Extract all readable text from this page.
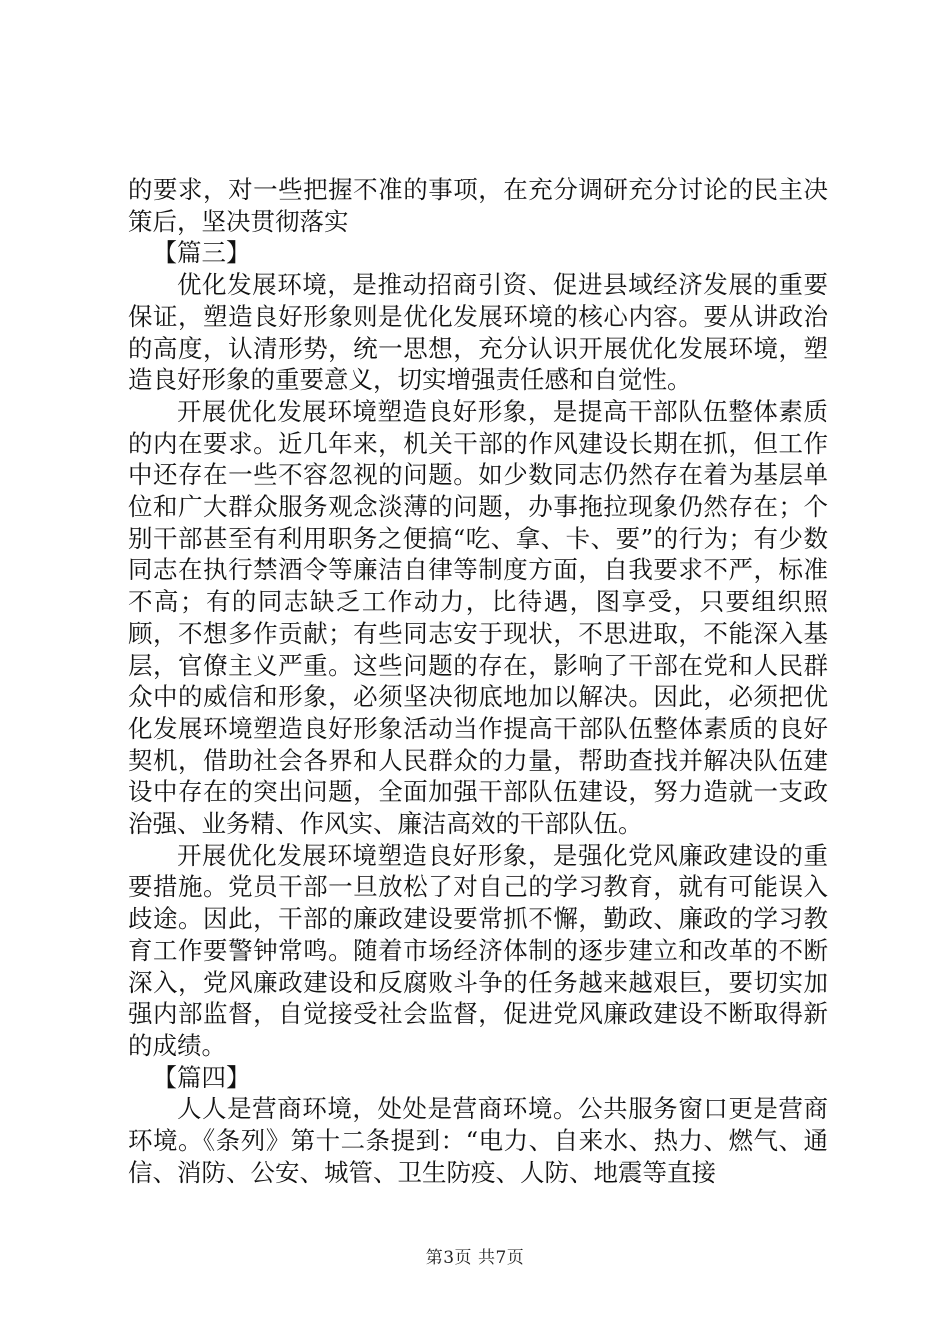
的要求，对一些把握不准的事项，在充分调研充分讨论的民主决策后，坚决贯彻落实

【篇三】

优化发展环境，是推动招商引资、促进县域经济发展的重要保证，塑造良好形象则是优化发展环境的核心内容。要从讲政治的高度，认清形势，统一思想，充分认识开展优化发展环境，塑造良好形象的重要意义，切实增强责任感和自觉性。

开展优化发展环境塑造良好形象，是提高干部队伍整体素质的内在要求。近几年来，机关干部的作风建设长期在抓，但工作中还存在一些不容忽视的问题。如少数同志仍然存在着为基层单位和广大群众服务观念淡薄的问题，办事拖拉现象仍然存在；个别干部甚至有利用职务之便搞“吃、拿、卡、要”的行为；有少数同志在执行禁酒令等廉洁自律等制度方面，自我要求不严，标准不高；有的同志缺乏工作动力，比待遇，图享受，只要组织照顾，不想多作贡献；有些同志安于现状，不思进取，不能深入基层，官僚主义严重。这些问题的存在，影响了干部在党和人民群众中的威信和形象，必须坚决彻底地加以解决。因此，必须把优化发展环境塑造良好形象活动当作提高干部队伍整体素质的良好契机，借助社会各界和人民群众的力量，帮助查找并解决队伍建设中存在的突出问题，全面加强干部队伍建设，努力造就一支政治强、业务精、作风实、廉洁高效的干部队伍。

开展优化发展环境塑造良好形象，是强化党风廉政建设的重要措施。党员干部一旦放松了对自己的学习教育，就有可能误入歧途。因此，干部的廉政建设要常抓不懈，勤政、廉政的学习教育工作要警钟常鸣。随着市场经济体制的逐步建立和改革的不断深入，党风廉政建设和反腐败斗争的任务越来越艰巨，要切实加强内部监督，自觉接受社会监督，促进党风廉政建设不断取得新的成绩。

【篇四】

人人是营商环境，处处是营商环境。公共服务窗口更是营商环境。《条列》第十二条提到：“电力、自来水、热力、燃气、通信、消防、公安、城管、卫生防疫、人防、地震等直接

第3页 共7页
